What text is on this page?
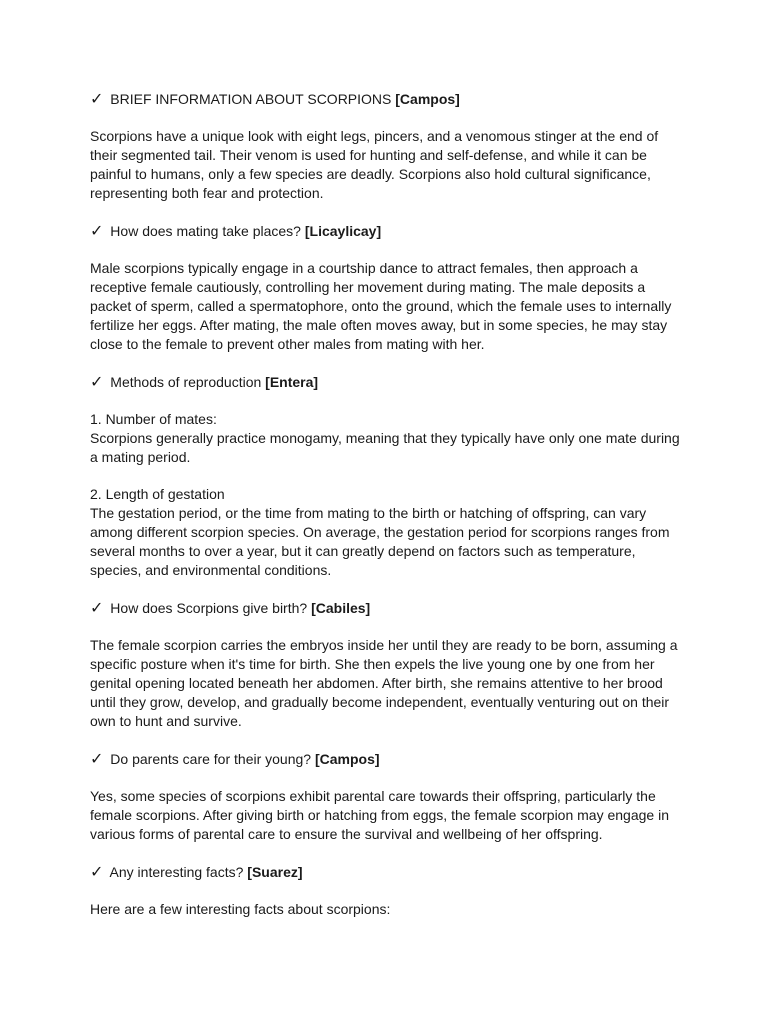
✓ BRIEF INFORMATION ABOUT SCORPIONS [Campos]

Scorpions have a unique look with eight legs, pincers, and a venomous stinger at the end of their segmented tail. Their venom is used for hunting and self-defense, and while it can be painful to humans, only a few species are deadly. Scorpions also hold cultural significance, representing both fear and protection.

✓ How does mating take places? [Licaylicay]

Male scorpions typically engage in a courtship dance to attract females, then approach a receptive female cautiously, controlling her movement during mating. The male deposits a packet of sperm, called a spermatophore, onto the ground, which the female uses to internally fertilize her eggs. After mating, the male often moves away, but in some species, he may stay close to the female to prevent other males from mating with her.

✓ Methods of reproduction [Entera]
1. Number of mates:
Scorpions generally practice monogamy, meaning that they typically have only one mate during a mating period.
2. Length of gestation
The gestation period, or the time from mating to the birth or hatching of offspring, can vary among different scorpion species. On average, the gestation period for scorpions ranges from several months to over a year, but it can greatly depend on factors such as temperature, species, and environmental conditions.
✓ How does Scorpions give birth? [Cabiles]

The female scorpion carries the embryos inside her until they are ready to be born, assuming a specific posture when it's time for birth. She then expels the live young one by one from her genital opening located beneath her abdomen. After birth, she remains attentive to her brood until they grow, develop, and gradually become independent, eventually venturing out on their own to hunt and survive.

✓ Do parents care for their young? [Campos]

Yes, some species of scorpions exhibit parental care towards their offspring, particularly the female scorpions. After giving birth or hatching from eggs, the female scorpion may engage in various forms of parental care to ensure the survival and wellbeing of her offspring.

✓ Any interesting facts? [Suarez]

Here are a few interesting facts about scorpions:
